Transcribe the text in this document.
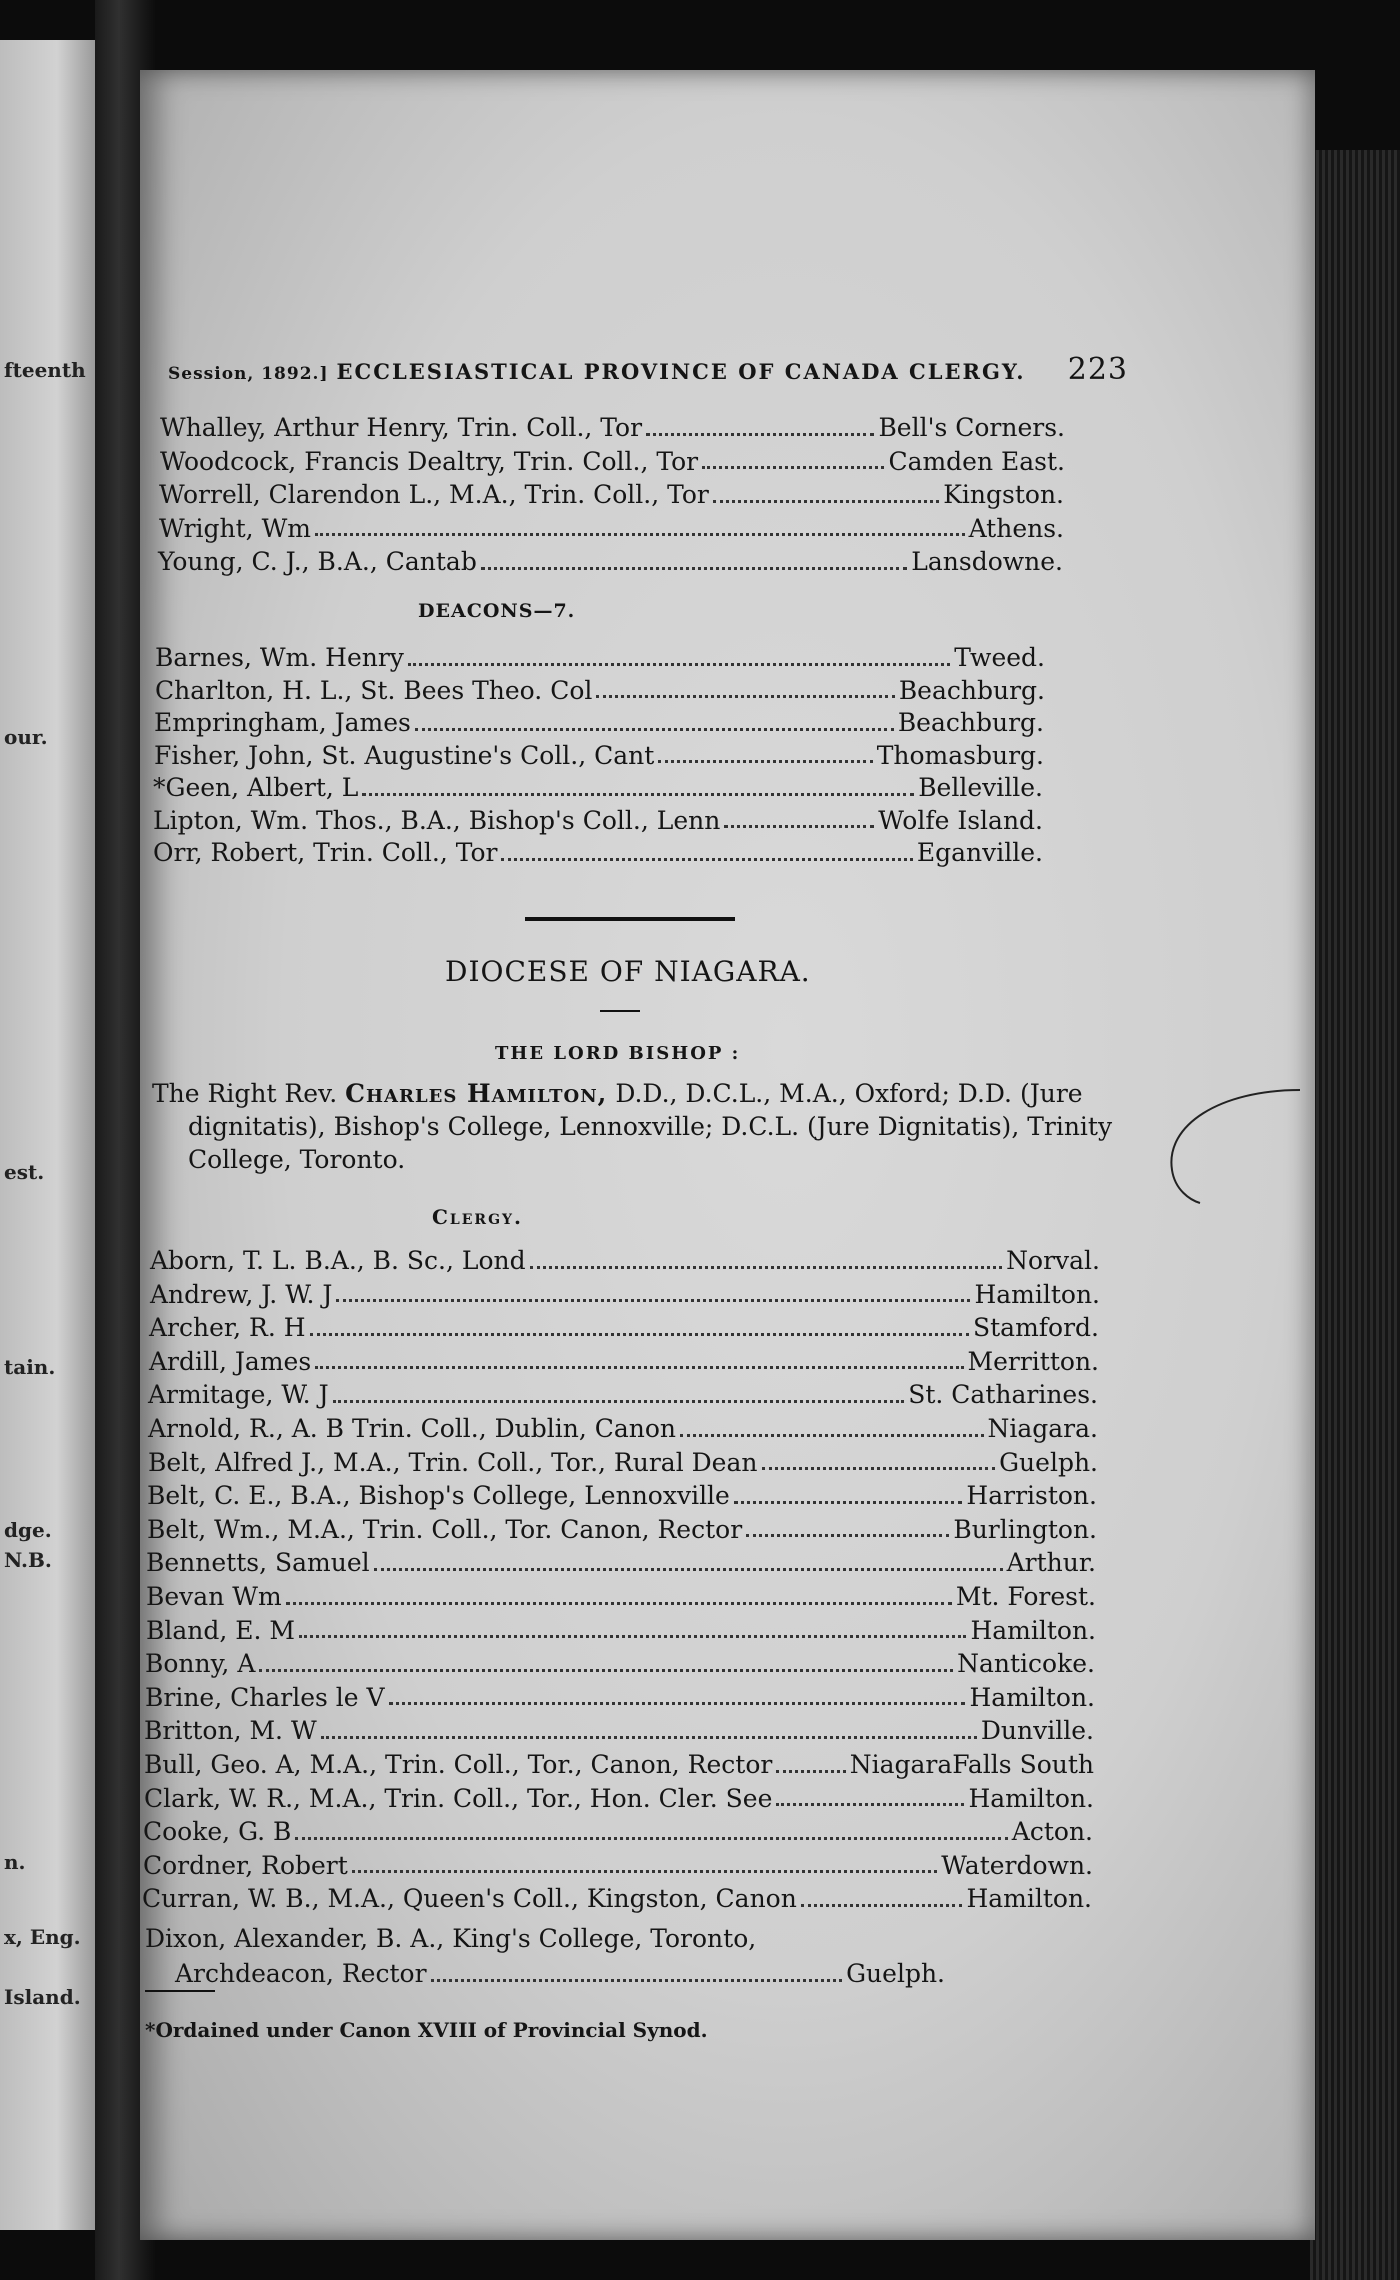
fteenth
our.
est.
tain.
dge.
N.B.
n.
x, Eng.
Island.
Session, 1892.] ECCLESIASTICAL PROVINCE OF CANADA CLERGY.	223
Whalley, Arthur Henry, Trin. Coll., Tor	Bell's Corners.
Woodcock, Francis Dealtry, Trin. Coll., Tor	Camden East.
Worrell, Clarendon L., M.A., Trin. Coll., Tor	Kingston.
Wright, Wm	Athens.
Young, C. J., B.A., Cantab	Lansdowne.
DEACONS—7.
Barnes, Wm. Henry	Tweed.
Charlton, H. L., St. Bees Theo. Col	Beachburg.
Empringham, James	Beachburg.
Fisher, John, St. Augustine's Coll., Cant	Thomasburg.
*Geen, Albert, L	Belleville.
Lipton, Wm. Thos., B.A., Bishop's Coll., Lenn	Wolfe Island.
Orr, Robert, Trin. Coll., Tor	Eganville.
DIOCESE OF NIAGARA.
THE LORD BISHOP :
The Right Rev. Charles Hamilton, D.D., D.C.L., M.A., Oxford; D.D. (Jure dignitatis), Bishop's College, Lennoxville; D.C.L. (Jure Dignitatis), Trinity College, Toronto.
Clergy.
Aborn, T. L. B.A., B. Sc., Lond	Norval.
Andrew, J. W. J	Hamilton.
Archer, R. H	Stamford.
Ardill, James	Merritton.
Armitage, W. J	St. Catharines.
Arnold, R., A. B Trin. Coll., Dublin, Canon	Niagara.
Belt, Alfred J., M.A., Trin. Coll., Tor., Rural Dean	Guelph.
Belt, C. E., B.A., Bishop's College, Lennoxville	Harriston.
Belt, Wm., M.A., Trin. Coll., Tor. Canon, Rector	Burlington.
Bennetts, Samuel	Arthur.
Bevan Wm	Mt. Forest.
Bland, E. M	Hamilton.
Bonny, A	Nanticoke.
Brine, Charles le V	Hamilton.
Britton, M. W	Dunville.
Bull, Geo. A, M.A., Trin. Coll., Tor., Canon, Rector	NiagaraFalls South
Clark, W. R., M.A., Trin. Coll., Tor., Hon. Cler. See	Hamilton.
Cooke, G. B	Acton.
Cordner, Robert	Waterdown.
Curran, W. B., M.A., Queen's Coll., Kingston, Canon	Hamilton.
Dixon, Alexander, B. A., King's College, Toronto,
Archdeacon, Rector	Guelph.
*Ordained under Canon XVIII of Provincial Synod.
